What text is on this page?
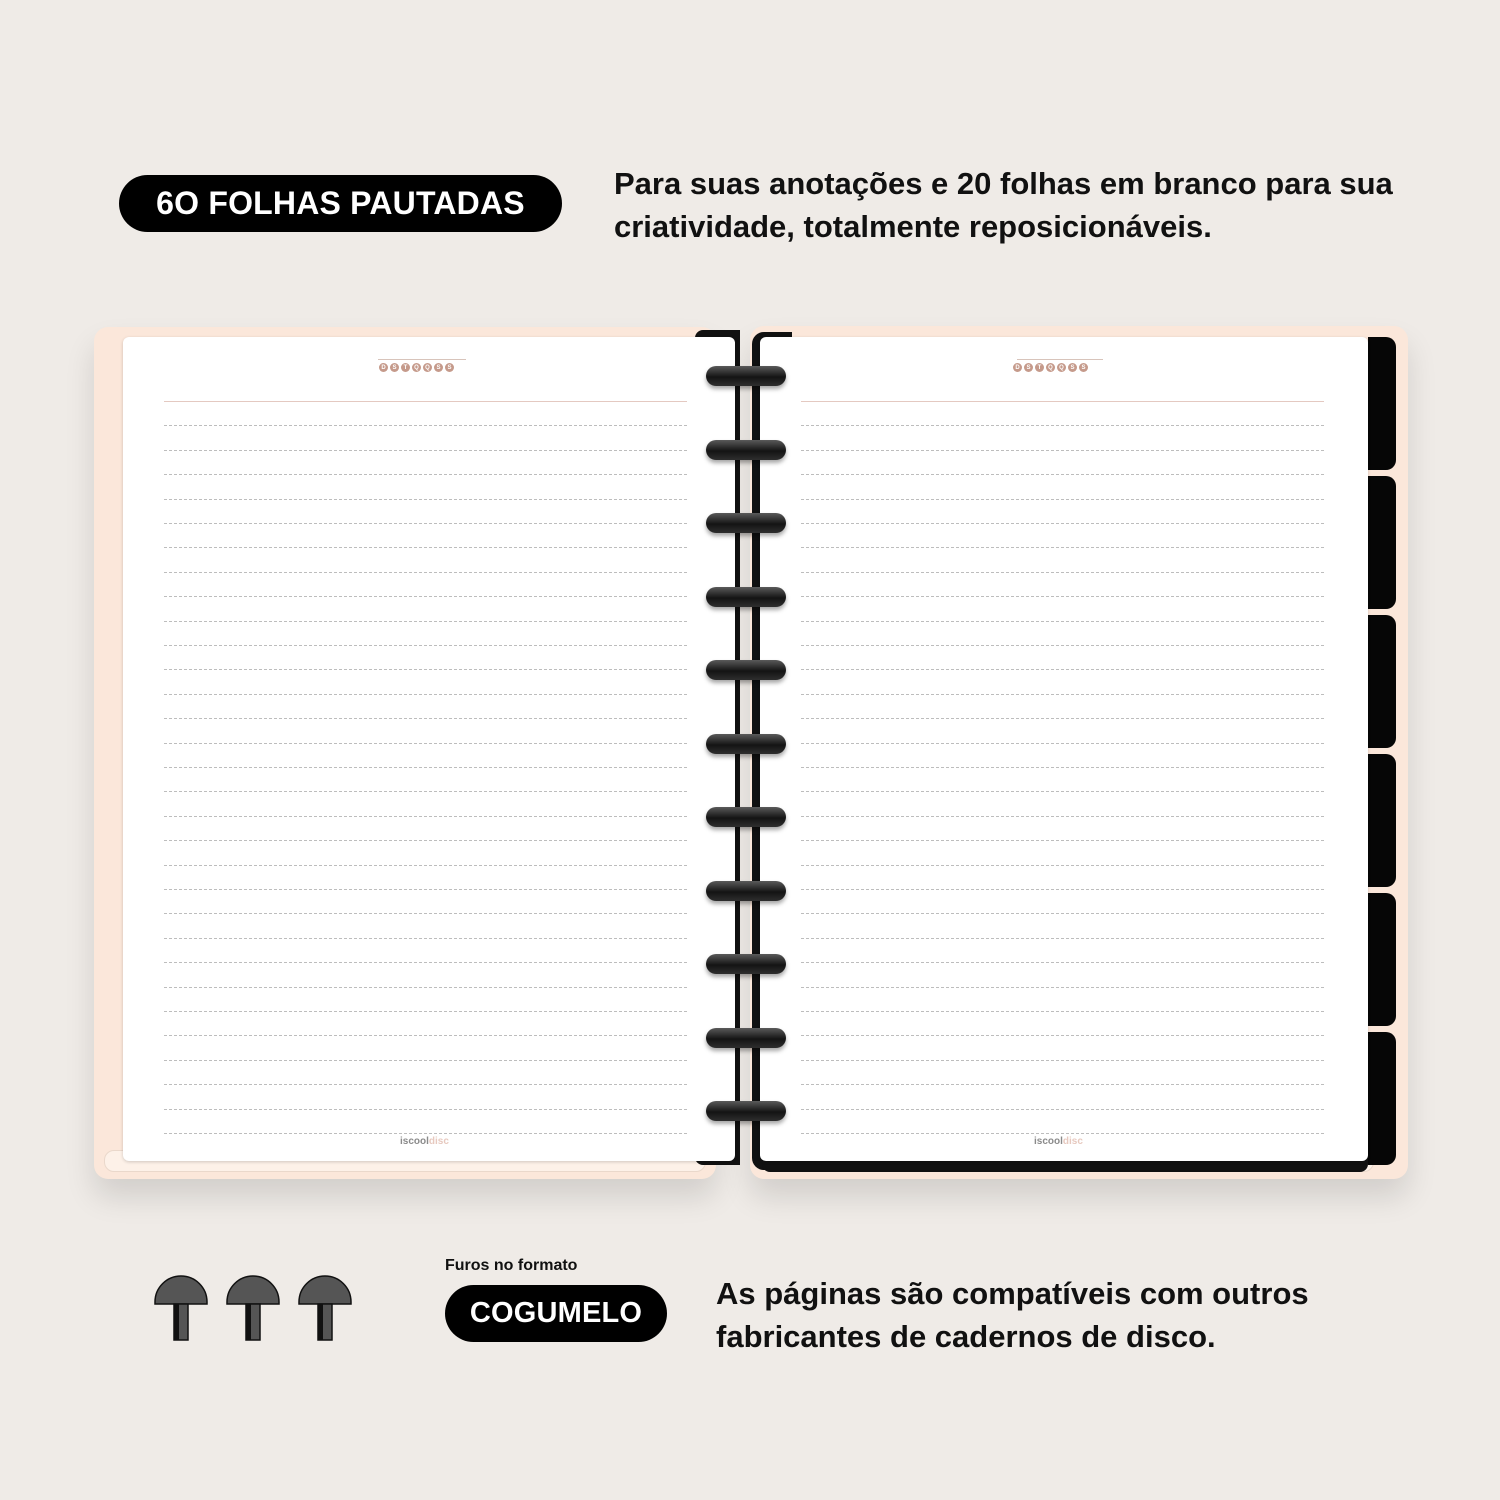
6O FOLHAS PAUTADAS
Para suas anotações e 20 folhas em branco para sua criatividade, totalmente reposicionáveis.
D	S	T	Q	Q	S	S
iscooldisc
D	S	T	Q	Q	S	S
iscooldisc
Furos no formato
COGUMELO
As páginas são compatíveis com outros fabricantes de cadernos de disco.
